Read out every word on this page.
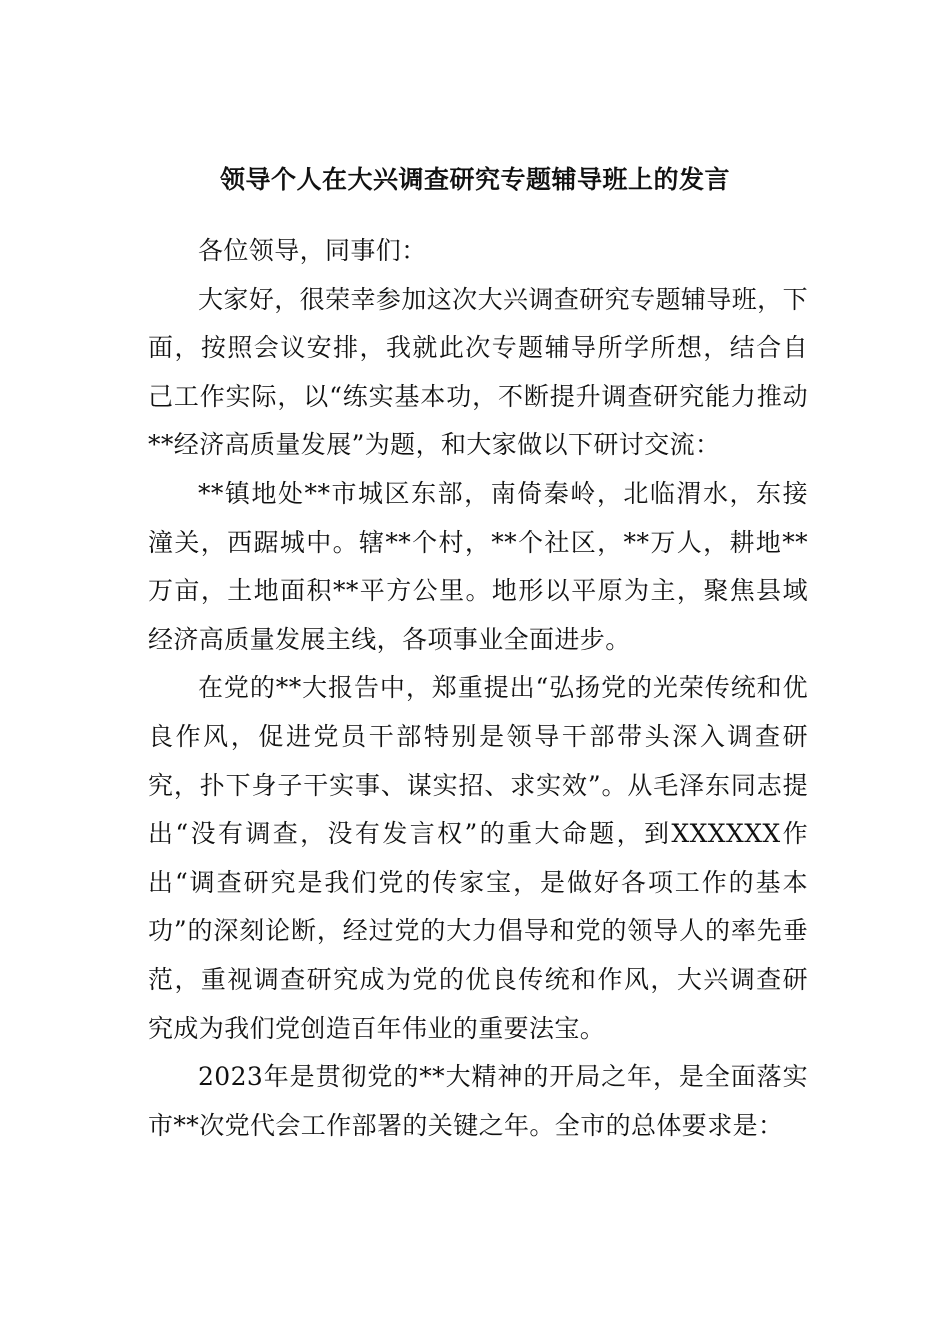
领导个人在大兴调查研究专题辅导班上的发言

各位领导，同事们：

大家好，很荣幸参加这次大兴调查研究专题辅导班，下面，按照会议安排，我就此次专题辅导所学所想，结合自己工作实际，以“练实基本功，不断提升调查研究能力推动**经济高质量发展”为题，和大家做以下研讨交流：

**镇地处**市城区东部，南倚秦岭，北临渭水，东接潼关，西踞城中。辖**个村，**个社区，**万人，耕地**万亩，土地面积**平方公里。地形以平原为主，聚焦县域经济高质量发展主线，各项事业全面进步。

在党的**大报告中，郑重提出“弘扬党的光荣传统和优良作风，促进党员干部特别是领导干部带头深入调查研究，扑下身子干实事、谋实招、求实效”。从毛泽东同志提出“没有调查，没有发言权”的重大命题，到XXXXXX作出“调查研究是我们党的传家宝，是做好各项工作的基本功”的深刻论断，经过党的大力倡导和党的领导人的率先垂范，重视调查研究成为党的优良传统和作风，大兴调查研究成为我们党创造百年伟业的重要法宝。

2023年是贯彻党的**大精神的开局之年，是全面落实市**次党代会工作部署的关键之年。全市的总体要求是：
